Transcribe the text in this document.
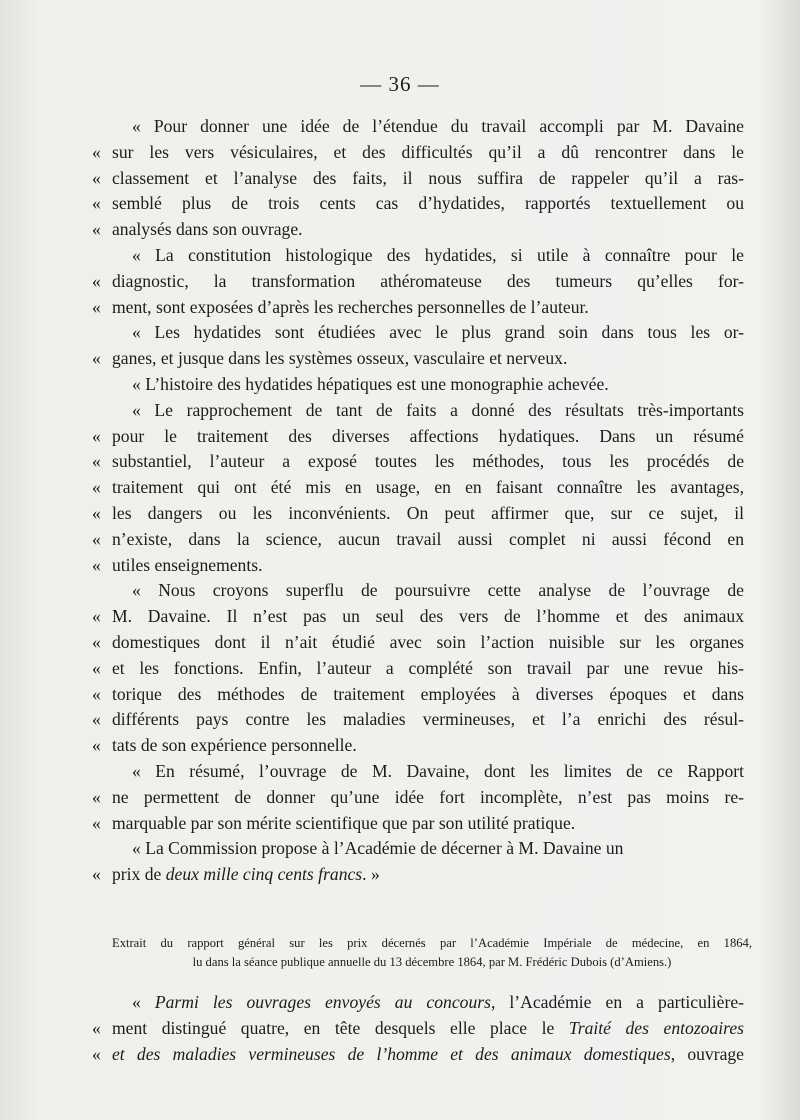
— 36 —
« Pour donner une idée de l’étendue du travail accompli par M. Davaine
« sur les vers vésiculaires, et des difficultés qu’il a dû rencontrer dans le
« classement et l’analyse des faits, il nous suffira de rappeler qu’il a ras-
« semblé plus de trois cents cas d’hydatides, rapportés textuellement ou
« analysés dans son ouvrage.
« La constitution histologique des hydatides, si utile à connaître pour le
« diagnostic, la transformation athéromateuse des tumeurs qu’elles for-
« ment, sont exposées d’après les recherches personnelles de l’auteur.
« Les hydatides sont étudiées avec le plus grand soin dans tous les or-
« ganes, et jusque dans les systèmes osseux, vasculaire et nerveux.
« L’histoire des hydatides hépatiques est une monographie achevée.
« Le rapprochement de tant de faits a donné des résultats très-importants
« pour le traitement des diverses affections hydatiques. Dans un résumé
« substantiel, l’auteur a exposé toutes les méthodes, tous les procédés de
« traitement qui ont été mis en usage, en en faisant connaître les avantages,
« les dangers ou les inconvénients. On peut affirmer que, sur ce sujet, il
« n’existe, dans la science, aucun travail aussi complet ni aussi fécond en
« utiles enseignements.
« Nous croyons superflu de poursuivre cette analyse de l’ouvrage de
« M. Davaine. Il n’est pas un seul des vers de l’homme et des animaux
« domestiques dont il n’ait étudié avec soin l’action nuisible sur les organes
« et les fonctions. Enfin, l’auteur a complété son travail par une revue his-
« torique des méthodes de traitement employées à diverses époques et dans
« différents pays contre les maladies vermineuses, et l’a enrichi des résul-
« tats de son expérience personnelle.
« En résumé, l’ouvrage de M. Davaine, dont les limites de ce Rapport
« ne permettent de donner qu’une idée fort incomplète, n’est pas moins re-
« marquable par son mérite scientifique que par son utilité pratique.
« La Commission propose à l’Académie de décerner à M. Davaine un
« prix de deux mille cinq cents francs. »
Extrait du rapport général sur les prix décernés par l’Académie Impériale de médecine, en 1864,
lu dans la séance publique annuelle du 13 décembre 1864, par M. Frédéric Dubois (d’Amiens.)
« Parmi les ouvrages envoyés au concours, l’Académie en a particulière-
« ment distingué quatre, en tête desquels elle place le Traité des entozoaires
« et des maladies vermineuses de l’homme et des animaux domestiques, ouvrage
